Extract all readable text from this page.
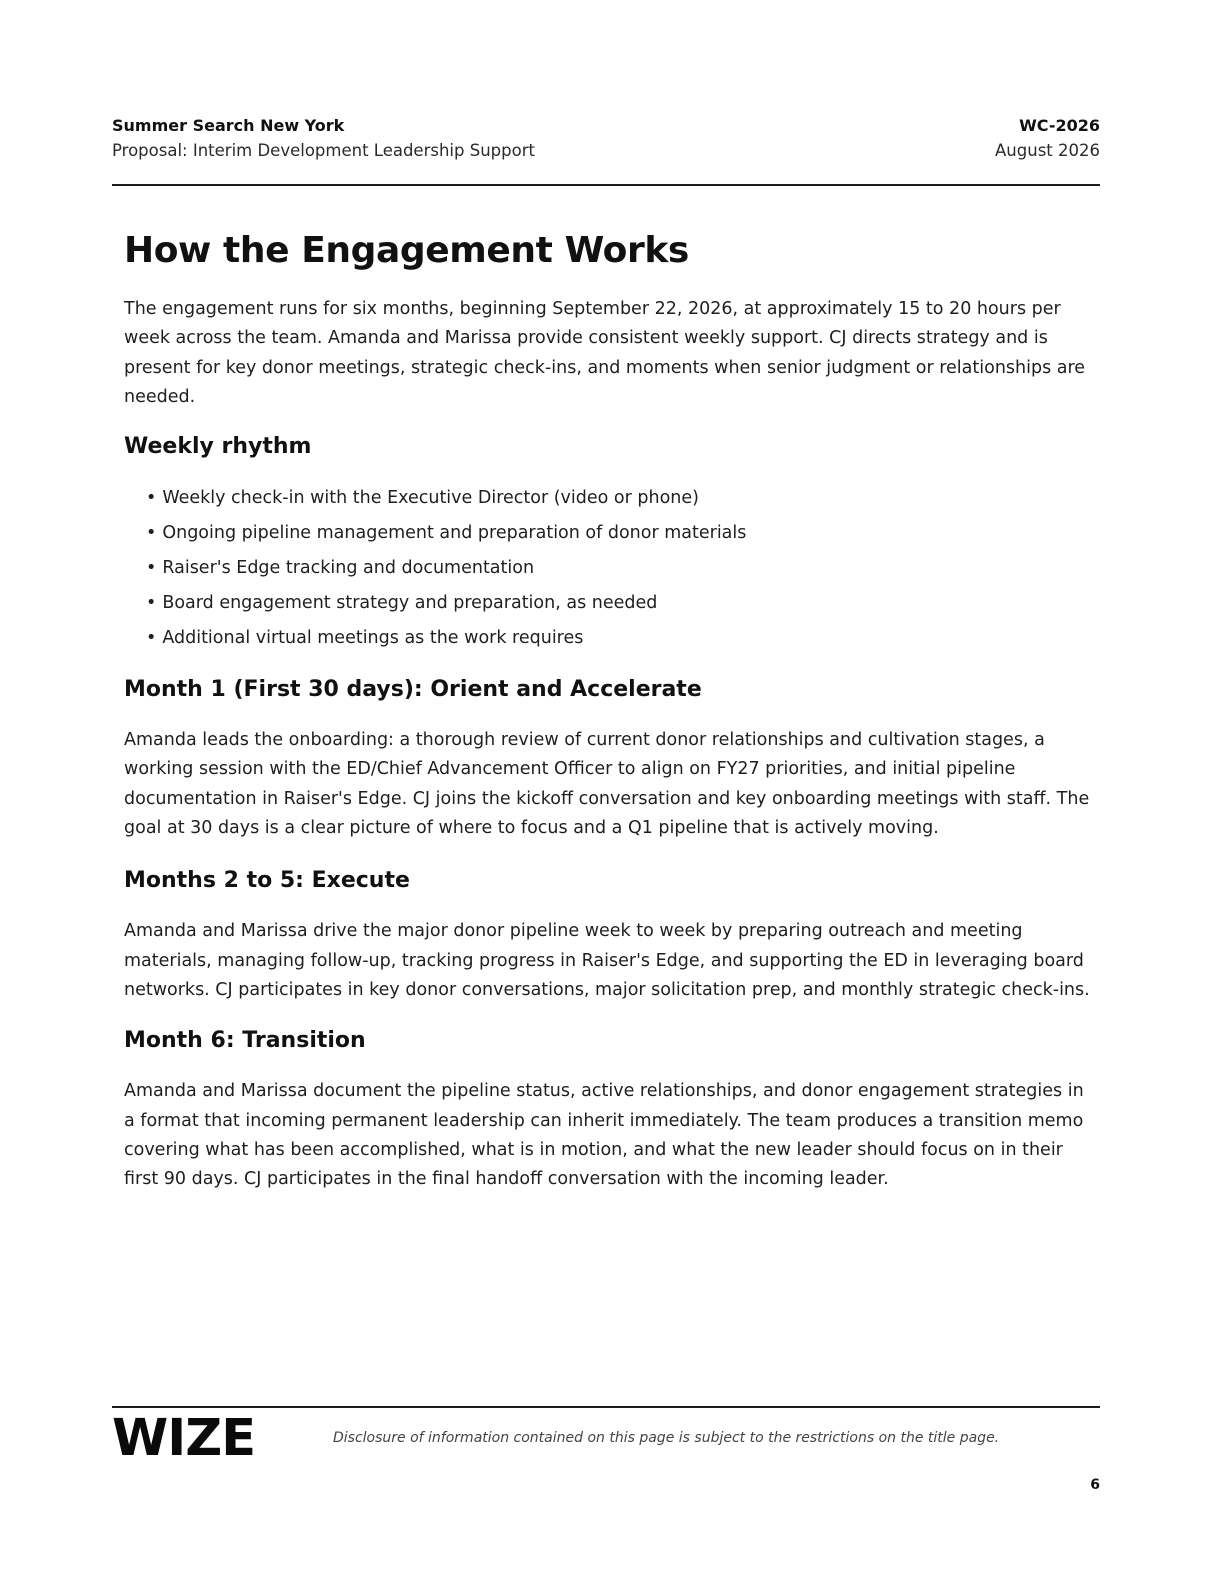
Summer Search New York
Proposal: Interim Development Leadership Support
WC-2026
August 2026
How the Engagement Works

The engagement runs for six months, beginning September 22, 2026, at approximately 15 to 20 hours per week across the team. Amanda and Marissa provide consistent weekly support. CJ directs strategy and is present for key donor meetings, strategic check-ins, and moments when senior judgment or relationships are needed.

Weekly rhythm
• Weekly check-in with the Executive Director (video or phone)
• Ongoing pipeline management and preparation of donor materials
• Raiser's Edge tracking and documentation
• Board engagement strategy and preparation, as needed
• Additional virtual meetings as the work requires
Month 1 (First 30 days): Orient and Accelerate

Amanda leads the onboarding: a thorough review of current donor relationships and cultivation stages, a working session with the ED/Chief Advancement Officer to align on FY27 priorities, and initial pipeline documentation in Raiser's Edge. CJ joins the kickoff conversation and key onboarding meetings with staff. The goal at 30 days is a clear picture of where to focus and a Q1 pipeline that is actively moving.

Months 2 to 5: Execute

Amanda and Marissa drive the major donor pipeline week to week by preparing outreach and meeting materials, managing follow-up, tracking progress in Raiser's Edge, and supporting the ED in leveraging board networks. CJ participates in key donor conversations, major solicitation prep, and monthly strategic check-ins.

Month 6: Transition

Amanda and Marissa document the pipeline status, active relationships, and donor engagement strategies in a format that incoming permanent leadership can inherit immediately. The team produces a transition memo covering what has been accomplished, what is in motion, and what the new leader should focus on in their first 90 days. CJ participates in the final handoff conversation with the incoming leader.

WIZE	Disclosure of information contained on this page is subject to the restrictions on the title page.
6
